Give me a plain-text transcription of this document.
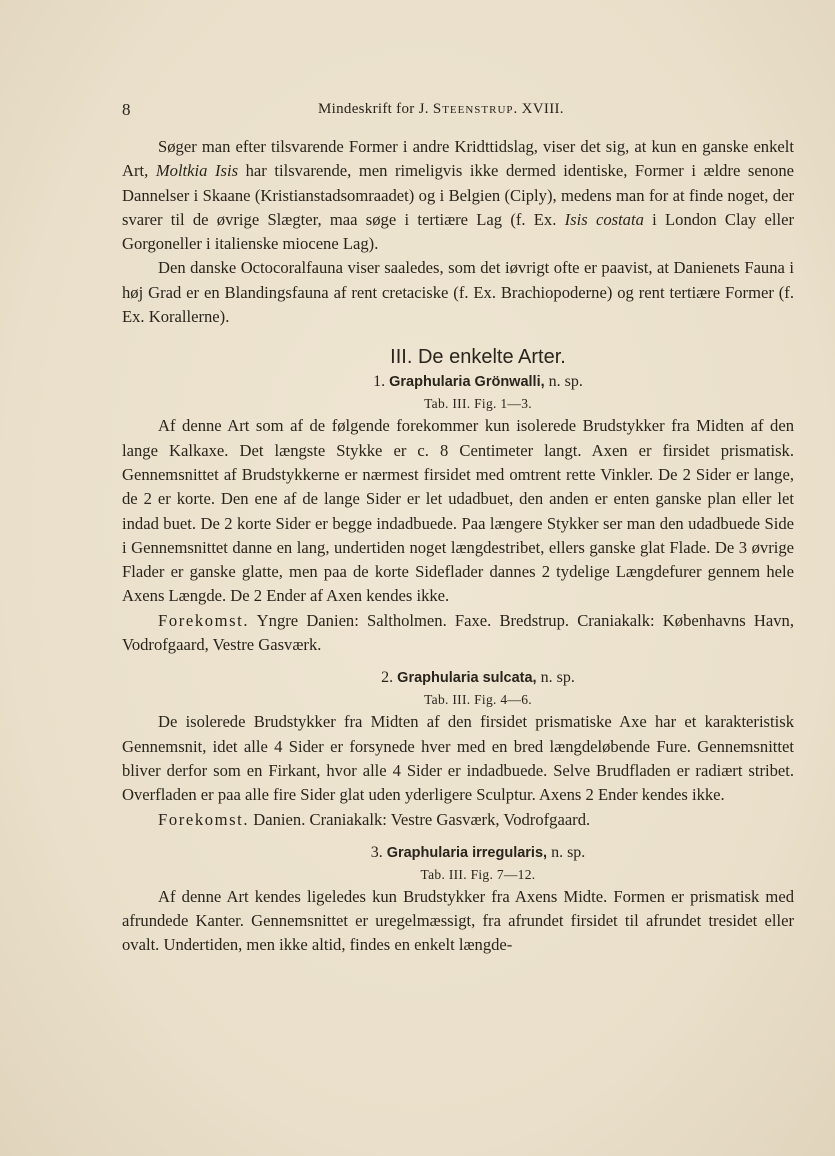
8	Mindeskrift for J. Steenstrup. XVIII.

Søger man efter tilsvarende Former i andre Kridttidslag, viser det sig, at kun en ganske enkelt Art, Moltkia Isis har tilsvarende, men rimeligvis ikke dermed identiske, Former i ældre senone Dannelser i Skaane (Kristianstadsomraadet) og i Belgien (Ciply), medens man for at finde noget, der svarer til de øvrige Slægter, maa søge i tertiære Lag (f. Ex. Isis costata i London Clay eller Gorgoneller i italienske miocene Lag).

Den danske Octocoralfauna viser saaledes, som det iøvrigt ofte er paavist, at Danienets Fauna i høj Grad er en Blandingsfauna af rent cretaciske (f. Ex. Brachiopoderne) og rent tertiære Former (f. Ex. Korallerne).

III. De enkelte Arter.
1. Graphularia Grönwalli, n. sp.
Tab. III. Fig. 1—3.

Af denne Art som af de følgende forekommer kun isolerede Brudstykker fra Midten af den lange Kalkaxe. Det længste Stykke er c. 8 Centimeter langt. Axen er firsidet prismatisk. Gennemsnittet af Brudstykkerne er nærmest firsidet med omtrent rette Vinkler. De 2 Sider er lange, de 2 er korte. Den ene af de lange Sider er let udadbuet, den anden er enten ganske plan eller let indad buet. De 2 korte Sider er begge indadbuede. Paa længere Stykker ser man den udadbuede Side i Gennemsnittet danne en lang, undertiden noget længdestribet, ellers ganske glat Flade. De 3 øvrige Flader er ganske glatte, men paa de korte Sideflader dannes 2 tydelige Længdefurer gennem hele Axens Længde. De 2 Ender af Axen kendes ikke.

Forekomst. Yngre Danien: Saltholmen. Faxe. Bredstrup. Craniakalk: Københavns Havn, Vodrofgaard, Vestre Gasværk.

2. Graphularia sulcata, n. sp.
Tab. III. Fig. 4—6.

De isolerede Brudstykker fra Midten af den firsidet prismatiske Axe har et karakteristisk Gennemsnit, idet alle 4 Sider er forsynede hver med en bred længdeløbende Fure. Gennemsnittet bliver derfor som en Firkant, hvor alle 4 Sider er indadbuede. Selve Brudfladen er radiært stribet. Overfladen er paa alle fire Sider glat uden yderligere Sculptur. Axens 2 Ender kendes ikke.

Forekomst. Danien. Craniakalk: Vestre Gasværk, Vodrofgaard.

3. Graphularia irregularis, n. sp.
Tab. III. Fig. 7—12.

Af denne Art kendes ligeledes kun Brudstykker fra Axens Midte. Formen er prismatisk med afrundede Kanter. Gennemsnittet er uregelmæssigt, fra afrundet firsidet til afrundet tresidet eller ovalt. Undertiden, men ikke altid, findes en enkelt længde-
